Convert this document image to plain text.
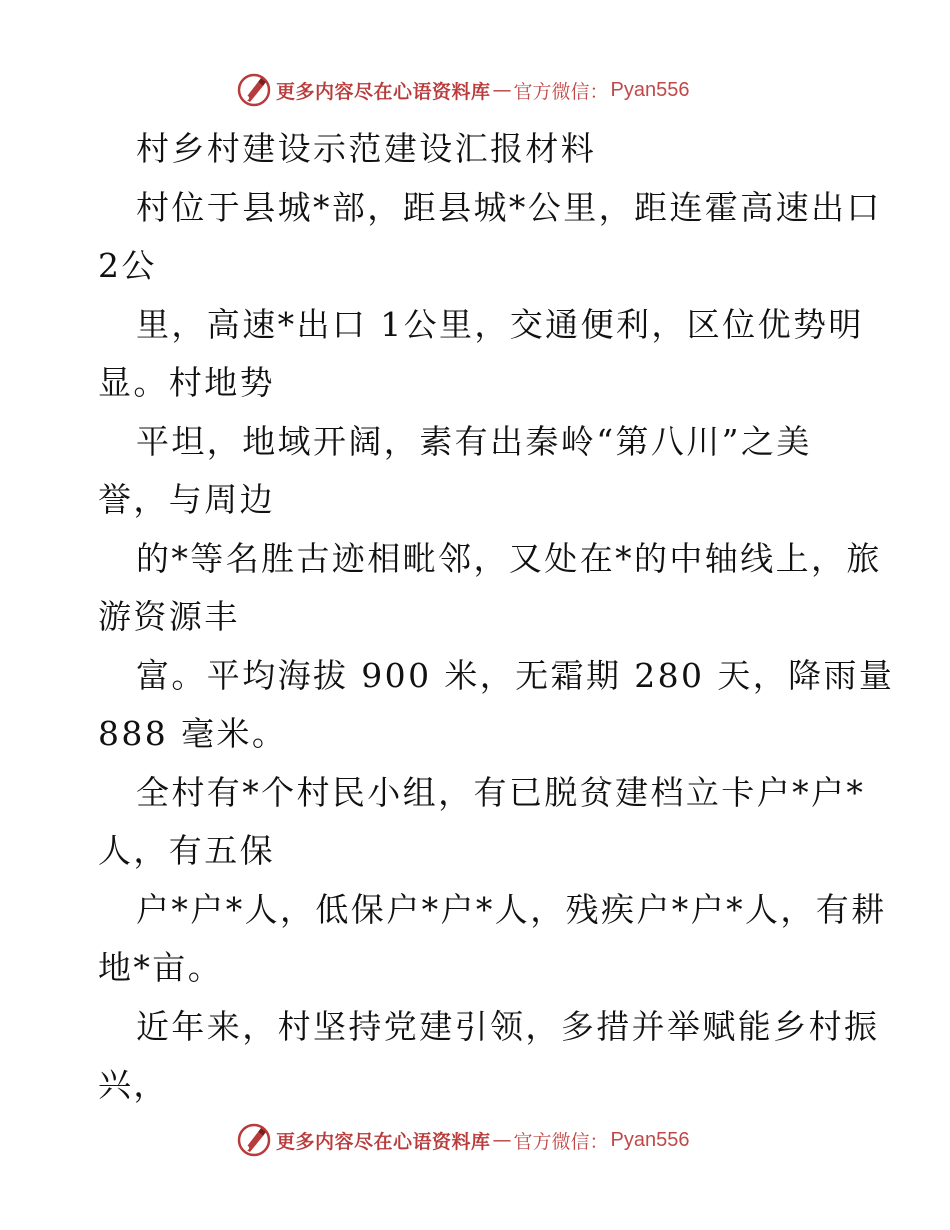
更多内容尽在心语资料库 — 官方微信： Pyan556
村乡村建设示范建设汇报材料
村位于县城*部，距县城*公里，距连霍高速出口
2公
里，高速*出口 1公里，交通便利，区位优势明
显。村地势
平坦，地域开阔，素有出秦岭“第八川”之美
誉，与周边
的*等名胜古迹相毗邻，又处在*的中轴线上，旅
游资源丰
富。平均海拔 900 米，无霜期 280 天，降雨量
888 毫米。
全村有*个村民小组，有已脱贫建档立卡户*户*
人，有五保
户*户*人，低保户*户*人，残疾户*户*人，有耕
地*亩。
近年来，村坚持党建引领，多措并举赋能乡村振
兴，
更多内容尽在心语资料库 — 官方微信： Pyan556
